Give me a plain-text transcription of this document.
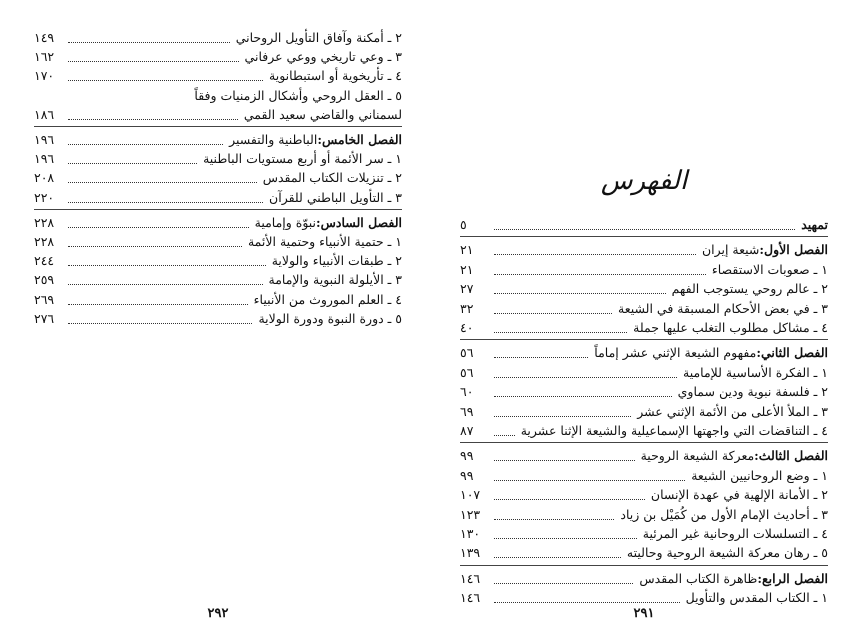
٢٩٢
٢ ـ أمكنة وآفاق التأويل الروحاني
١٤٩
٣ ـ وعي تاريخي ووعي عرفاني
١٦٢
٤ ـ تأريخوية أو استبطانوية
١٧٠
٥ ـ العقل الروحي وأشكال الزمنيات وفقاً
لسمناني والقاضي سعيد القمي
١٨٦
الفصل الخامس:
الباطنية والتفسير
١٩٦
١ ـ سر الأئمة أو أربع مستويات الباطنية
١٩٦
٢ ـ تنزيلات الكتاب المقدس
٢٠٨
٣ ـ التأويل الباطني للقرآن
٢٢٠
الفصل السادس:
نبوّة وإمامية
٢٢٨
١ ـ حتمية الأنبياء وحتمية الأئمة
٢٢٨
٢ ـ طبقات الأنبياء والولاية
٢٤٤
٣ ـ الأيلولة النبوية والإمامة
٢٥٩
٤ ـ العلم الموروث من الأنبياء
٢٦٩
٥ ـ دورة النبوة ودورة الولاية
٢٧٦
الفهرس
٢٩١
تمهيد
٥
الفصل الأول:
شيعة إيران
٢١
١ ـ صعوبات الاستقصاء
٢١
٢ ـ عالم روحي يستوجب الفهم
٢٧
٣ ـ في بعض الأحكام المسبقة في الشيعة
٣٢
٤ ـ مشاكل مطلوب التغلب عليها جملة
٤٠
الفصل الثاني:
مفهوم الشيعة الإثني عشر إماماً
٥٦
١ ـ الفكرة الأساسية للإمامية
٥٦
٢ ـ فلسفة نبوية ودين سماوي
٦٠
٣ ـ الملأ الأعلى من الأئمة الإثني عشر
٦٩
٤ ـ التناقضات التي واجهتها الإسماعيلية والشيعة الإثنا عشرية
٨٧
الفصل الثالث:
معركة الشيعة الروحية
٩٩
١ ـ وضع الروحانيين الشيعة
٩٩
٢ ـ الأمانة الإلهية في عهدة الإنسان
١٠٧
٣ ـ أحاديث الإمام الأول من كُمَيْل بن زياد
١٢٣
٤ ـ التسلسلات الروحانية غير المرئية
١٣٠
٥ ـ رهان معركة الشيعة الروحية وحاليته
١٣٩
الفصل الرابع:
ظاهرة الكتاب المقدس
١٤٦
١ ـ الكتاب المقدس والتأويل
١٤٦
